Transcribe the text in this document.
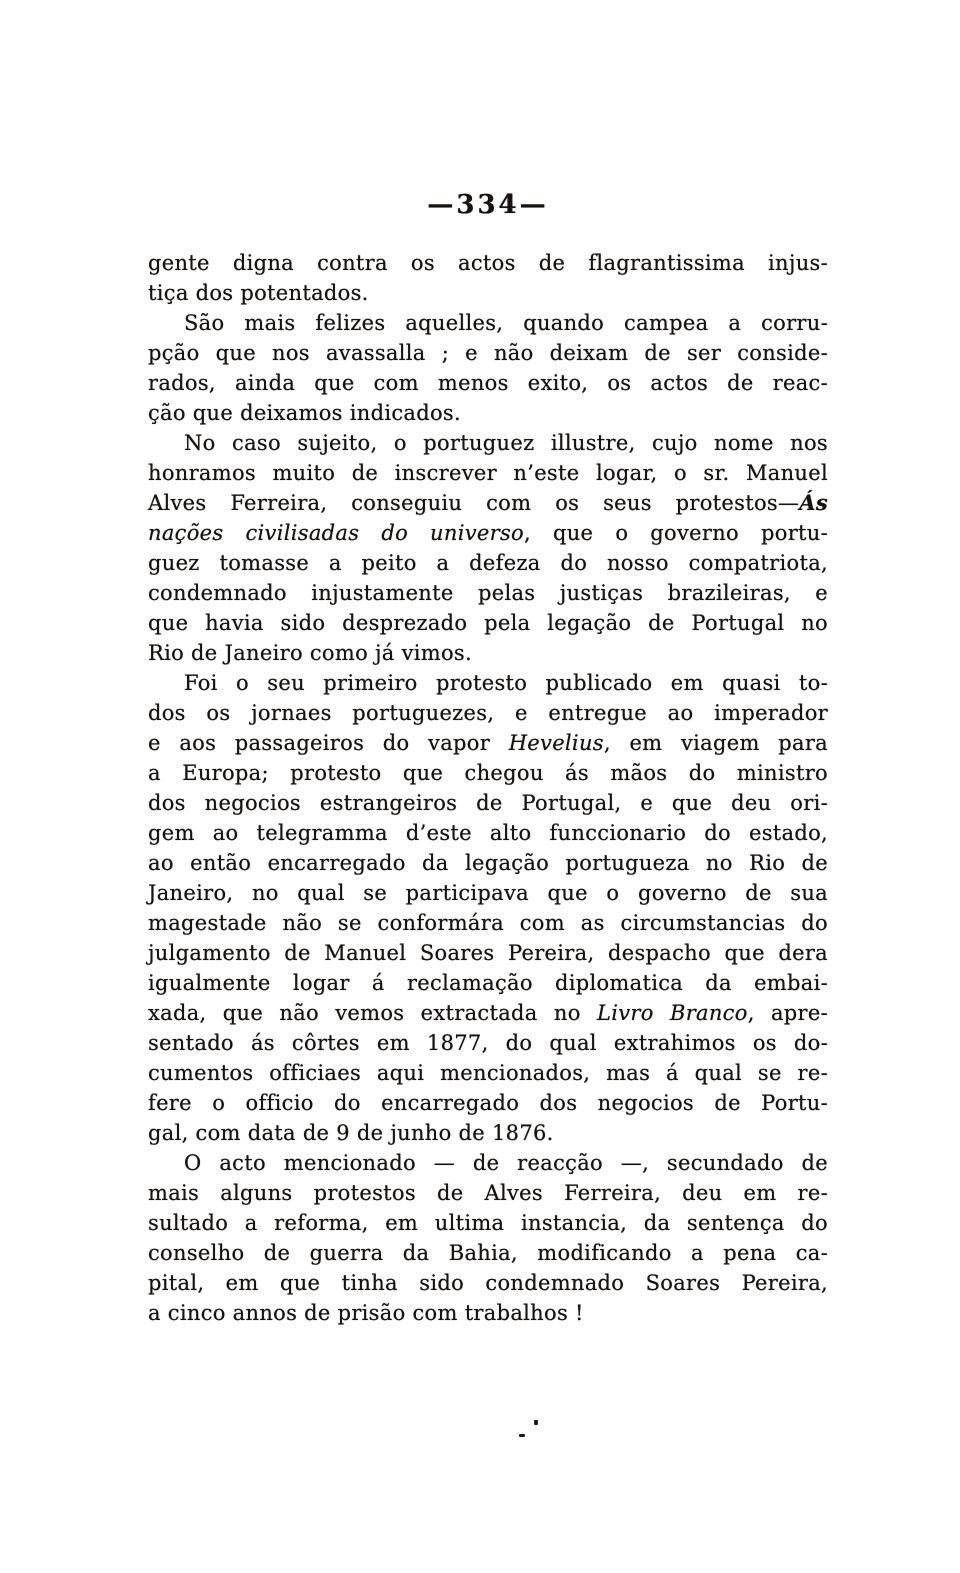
—334—
gente digna contra os actos de flagrantissima injus-
tiça dos potentados.
São mais felizes aquelles, quando campea a corru-
pção que nos avassalla ; e não deixam de ser conside-
rados, ainda que com menos exito, os actos de reac-
ção que deixamos indicados.
No caso sujeito, o portuguez illustre, cujo nome nos
honramos muito de inscrever n’este logar, o sr. Manuel
Alves Ferreira, conseguiu com os seus protestos—Ás
nações civilisadas do universo, que o governo portu-
guez tomasse a peito a defeza do nosso compatriota,
condemnado injustamente pelas justiças brazileiras, e
que havia sido desprezado pela legação de Portugal no
Rio de Janeiro como já vimos.
Foi o seu primeiro protesto publicado em quasi to-
dos os jornaes portuguezes, e entregue ao imperador
e aos passageiros do vapor Hevelius, em viagem para
a Europa; protesto que chegou ás mãos do ministro
dos negocios estrangeiros de Portugal, e que deu ori-
gem ao telegramma d’este alto funccionario do estado,
ao então encarregado da legação portugueza no Rio de
Janeiro, no qual se participava que o governo de sua
magestade não se conformára com as circumstancias do
julgamento de Manuel Soares Pereira, despacho que dera
igualmente logar á reclamação diplomatica da embai-
xada, que não vemos extractada no Livro Branco, apre-
sentado ás côrtes em 1877, do qual extrahimos os do-
cumentos officiaes aqui mencionados, mas á qual se re-
fere o officio do encarregado dos negocios de Portu-
gal, com data de 9 de junho de 1876.
O acto mencionado — de reacção —, secundado de
mais alguns protestos de Alves Ferreira, deu em re-
sultado a reforma, em ultima instancia, da sentença do
conselho de guerra da Bahia, modificando a pena ca-
pital, em que tinha sido condemnado Soares Pereira,
a cinco annos de prisão com trabalhos !
